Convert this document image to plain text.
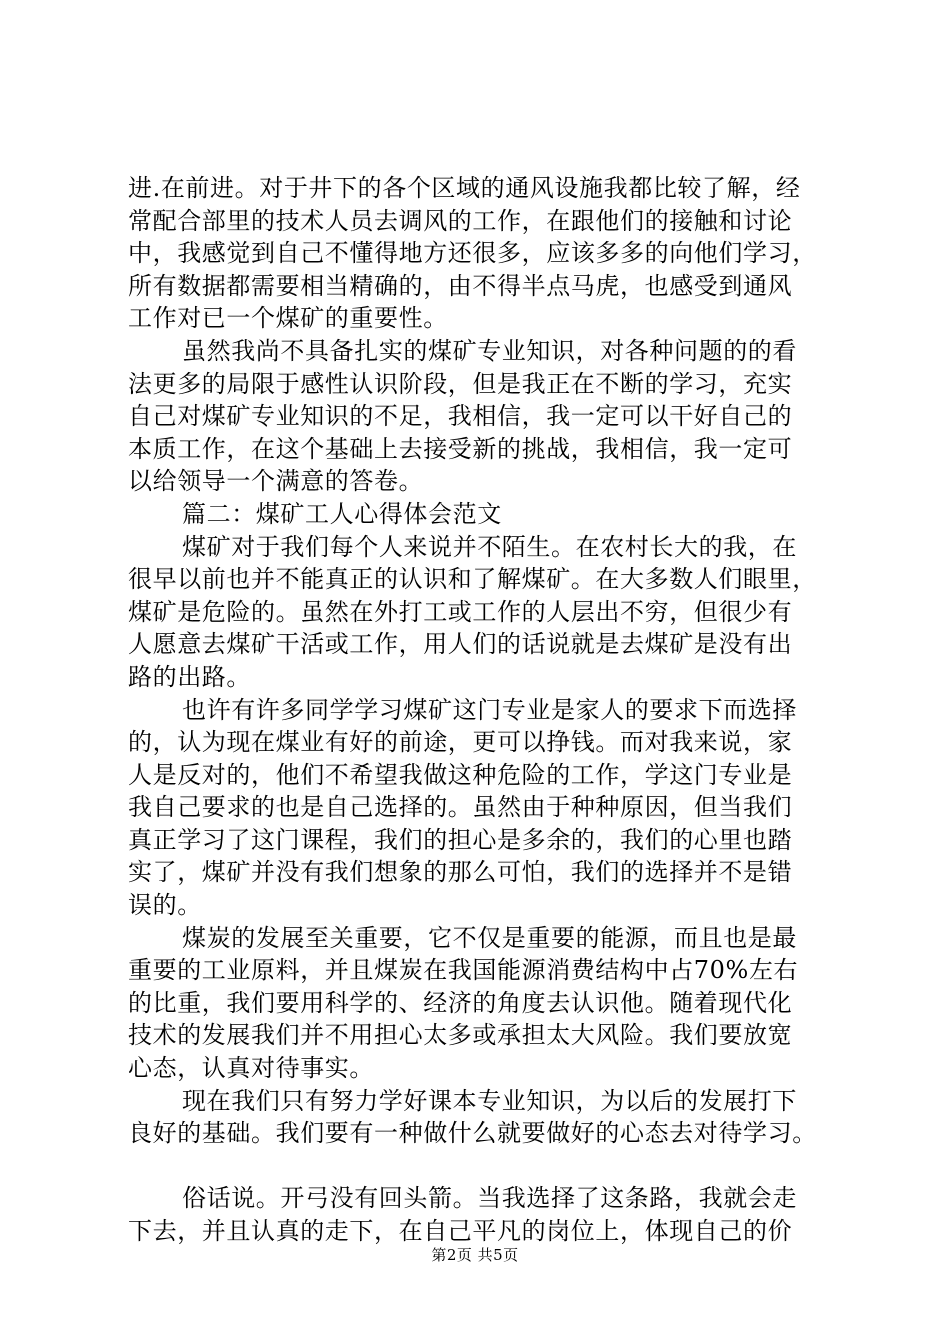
进.在前进。对于井下的各个区域的通风设施我都比较了解，经
常配合部里的技术人员去调风的工作，在跟他们的接触和讨论
中，我感觉到自己不懂得地方还很多，应该多多的向他们学习，
所有数据都需要相当精确的，由不得半点马虎，也感受到通风
工作对已一个煤矿的重要性。
虽然我尚不具备扎实的煤矿专业知识，对各种问题的的看
法更多的局限于感性认识阶段，但是我正在不断的学习，充实
自己对煤矿专业知识的不足，我相信，我一定可以干好自己的
本质工作，在这个基础上去接受新的挑战，我相信，我一定可
以给领导一个满意的答卷。
篇二：煤矿工人心得体会范文
煤矿对于我们每个人来说并不陌生。在农村长大的我，在
很早以前也并不能真正的认识和了解煤矿。在大多数人们眼里，
煤矿是危险的。虽然在外打工或工作的人层出不穷，但很少有
人愿意去煤矿干活或工作，用人们的话说就是去煤矿是没有出
路的出路。
也许有许多同学学习煤矿这门专业是家人的要求下而选择
的，认为现在煤业有好的前途，更可以挣钱。而对我来说，家
人是反对的，他们不希望我做这种危险的工作，学这门专业是
我自己要求的也是自己选择的。虽然由于种种原因，但当我们
真正学习了这门课程，我们的担心是多余的，我们的心里也踏
实了，煤矿并没有我们想象的那么可怕，我们的选择并不是错
误的。
煤炭的发展至关重要，它不仅是重要的能源，而且也是最
重要的工业原料，并且煤炭在我国能源消费结构中占70%左右
的比重，我们要用科学的、经济的角度去认识他。随着现代化
技术的发展我们并不用担心太多或承担太大风险。我们要放宽
心态，认真对待事实。
现在我们只有努力学好课本专业知识，为以后的发展打下
良好的基础。我们要有一种做什么就要做好的心态去对待学习。
俗话说。开弓没有回头箭。当我选择了这条路，我就会走
下去，并且认真的走下，在自己平凡的岗位上，体现自己的价
第2页 共5页
